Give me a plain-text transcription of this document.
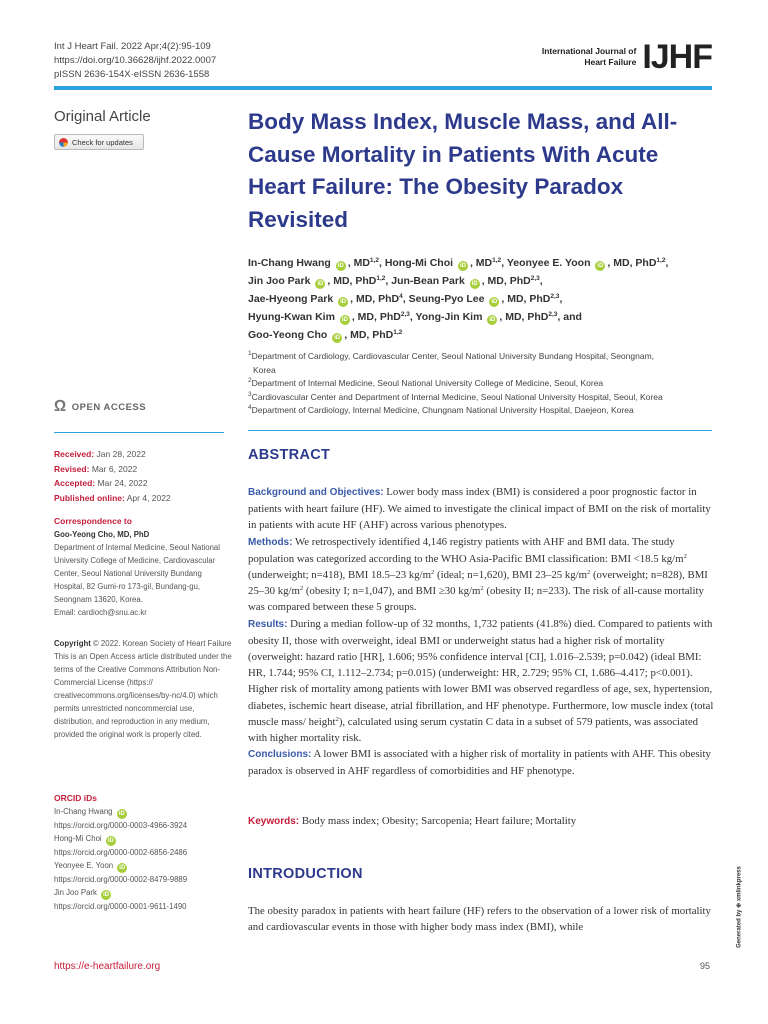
Int J Heart Fail. 2022 Apr;4(2):95-109
https://doi.org/10.36628/ijhf.2022.0007
pISSN 2636-154X·eISSN 2636-1558
International Journal of
Heart Failure IJHF
Original Article
Check for updates
Body Mass Index, Muscle Mass, and All-Cause Mortality in Patients With Acute Heart Failure: The Obesity Paradox Revisited
In-Chang Hwang iD , MD$^{1,2}$, Hong-Mi Choi iD , MD$^{1,2}$, Yeonyee E. Yoon iD , MD, PhD$^{1,2}$,
Jin Joo Park iD , MD, PhD$^{1,2}$, Jun-Bean Park iD , MD, PhD$^{2,3}$,
Jae-Hyeong Park iD , MD, PhD$^4$, Seung-Pyo Lee iD , MD, PhD$^{2,3}$,
Hyung-Kwan Kim iD , MD, PhD$^{2,3}$, Yong-Jin Kim iD , MD, PhD$^{2,3}$, and
Goo-Yeong Cho iD , MD, PhD$^{1,2}$

$^1$Department of Cardiology, Cardiovascular Center, Seoul National University Bundang Hospital, Seongnam,

Korea

$^2$Department of Internal Medicine, Seoul National University College of Medicine, Seoul, Korea

$^3$Cardiovascular Center and Department of Internal Medicine, Seoul National University Hospital, Seoul, Korea

$^4$Department of Cardiology, Internal Medicine, Chungnam National University Hospital, Daejeon, Korea

Ω OPEN ACCESS
Received: Jan 28, 2022
Revised: Mar 6, 2022
Accepted: Mar 24, 2022
Published online: Apr 4, 2022
Correspondence to
Goo-Yeong Cho, MD, PhD
Department of Internal Medicine, Seoul National University College of Medicine, Cardiovascular Center, Seoul National University Bundang Hospital, 82 Gumi-ro 173-gil, Bundang-gu, Seongnam 13620, Korea.
Email: cardioch@snu.ac.kr
Copyright © 2022. Korean Society of Heart Failure
This is an Open Access article distributed under the terms of the Creative Commons Attribution Non-Commercial License (https:// creativecommons.org/licenses/by-nc/4.0) which permits unrestricted noncommercial use, distribution, and reproduction in any medium, provided the original work is properly cited.
ORCID iDs
In-Chang Hwang iD
https://orcid.org/0000-0003-4966-3924
Hong-Mi Choi iD
https://orcid.org/0000-0002-6856-2486
Yeonyee E. Yoon iD
https://orcid.org/0000-0002-8479-9889
Jin Joo Park iD
https://orcid.org/0000-0001-9611-1490
ABSTRACT

Background and Objectives: Lower body mass index (BMI) is considered a poor prognostic factor in patients with heart failure (HF). We aimed to investigate the clinical impact of BMI on the risk of mortality in patients with acute HF (AHF) across various phenotypes.

Methods: We retrospectively identified 4,146 registry patients with AHF and BMI data. The study population was categorized according to the WHO Asia-Pacific BMI classification: BMI <18.5 $kg/m^2$ (underweight; n=418), BMI 18.5–23 $kg/m^2$ (ideal; n=1,620), BMI 23–25 $kg/m^2$ (overweight; n=828), BMI 25–30 $kg/m^2$ (obesity I; n=1,047), and BMI ≥30 $kg/m^2$ (obesity II; n=233). The risk of all-cause mortality was compared between these 5 groups.

Results: During a median follow-up of 32 months, 1,732 patients (41.8%) died. Compared to patients with obesity II, those with overweight, ideal BMI or underweight status had a higher risk of mortality (overweight: hazard ratio [HR], 1.606; 95% confidence interval [CI], 1.016–2.539; p=0.042) (ideal BMI: HR, 1.744; 95% CI, 1.112–2.734; p=0.015) (underweight: HR, 2.729; 95% CI, 1.686–4.417; p<0.001). Higher risk of mortality among patients with lower BMI was observed regardless of age, sex, hypertension, diabetes, ischemic heart disease, atrial fibrillation, and HF phenotype. Furthermore, low muscle index (total muscle mass/ height$^2$), calculated using serum cystatin C data in a subset of 579 patients, was associated with higher mortality risk.

Conclusions: A lower BMI is associated with a higher risk of mortality in patients with AHF. This obesity paradox is observed in AHF regardless of comorbidities and HF phenotype.

Keywords: Body mass index; Obesity; Sarcopenia; Heart failure; Mortality
INTRODUCTION
The obesity paradox in patients with heart failure (HF) refers to the observation of a lower risk of mortality and cardiovascular events in those with higher body mass index (BMI), while	Generated by ⊕ xmlinkpress
https://e-heartfailure.org	95
